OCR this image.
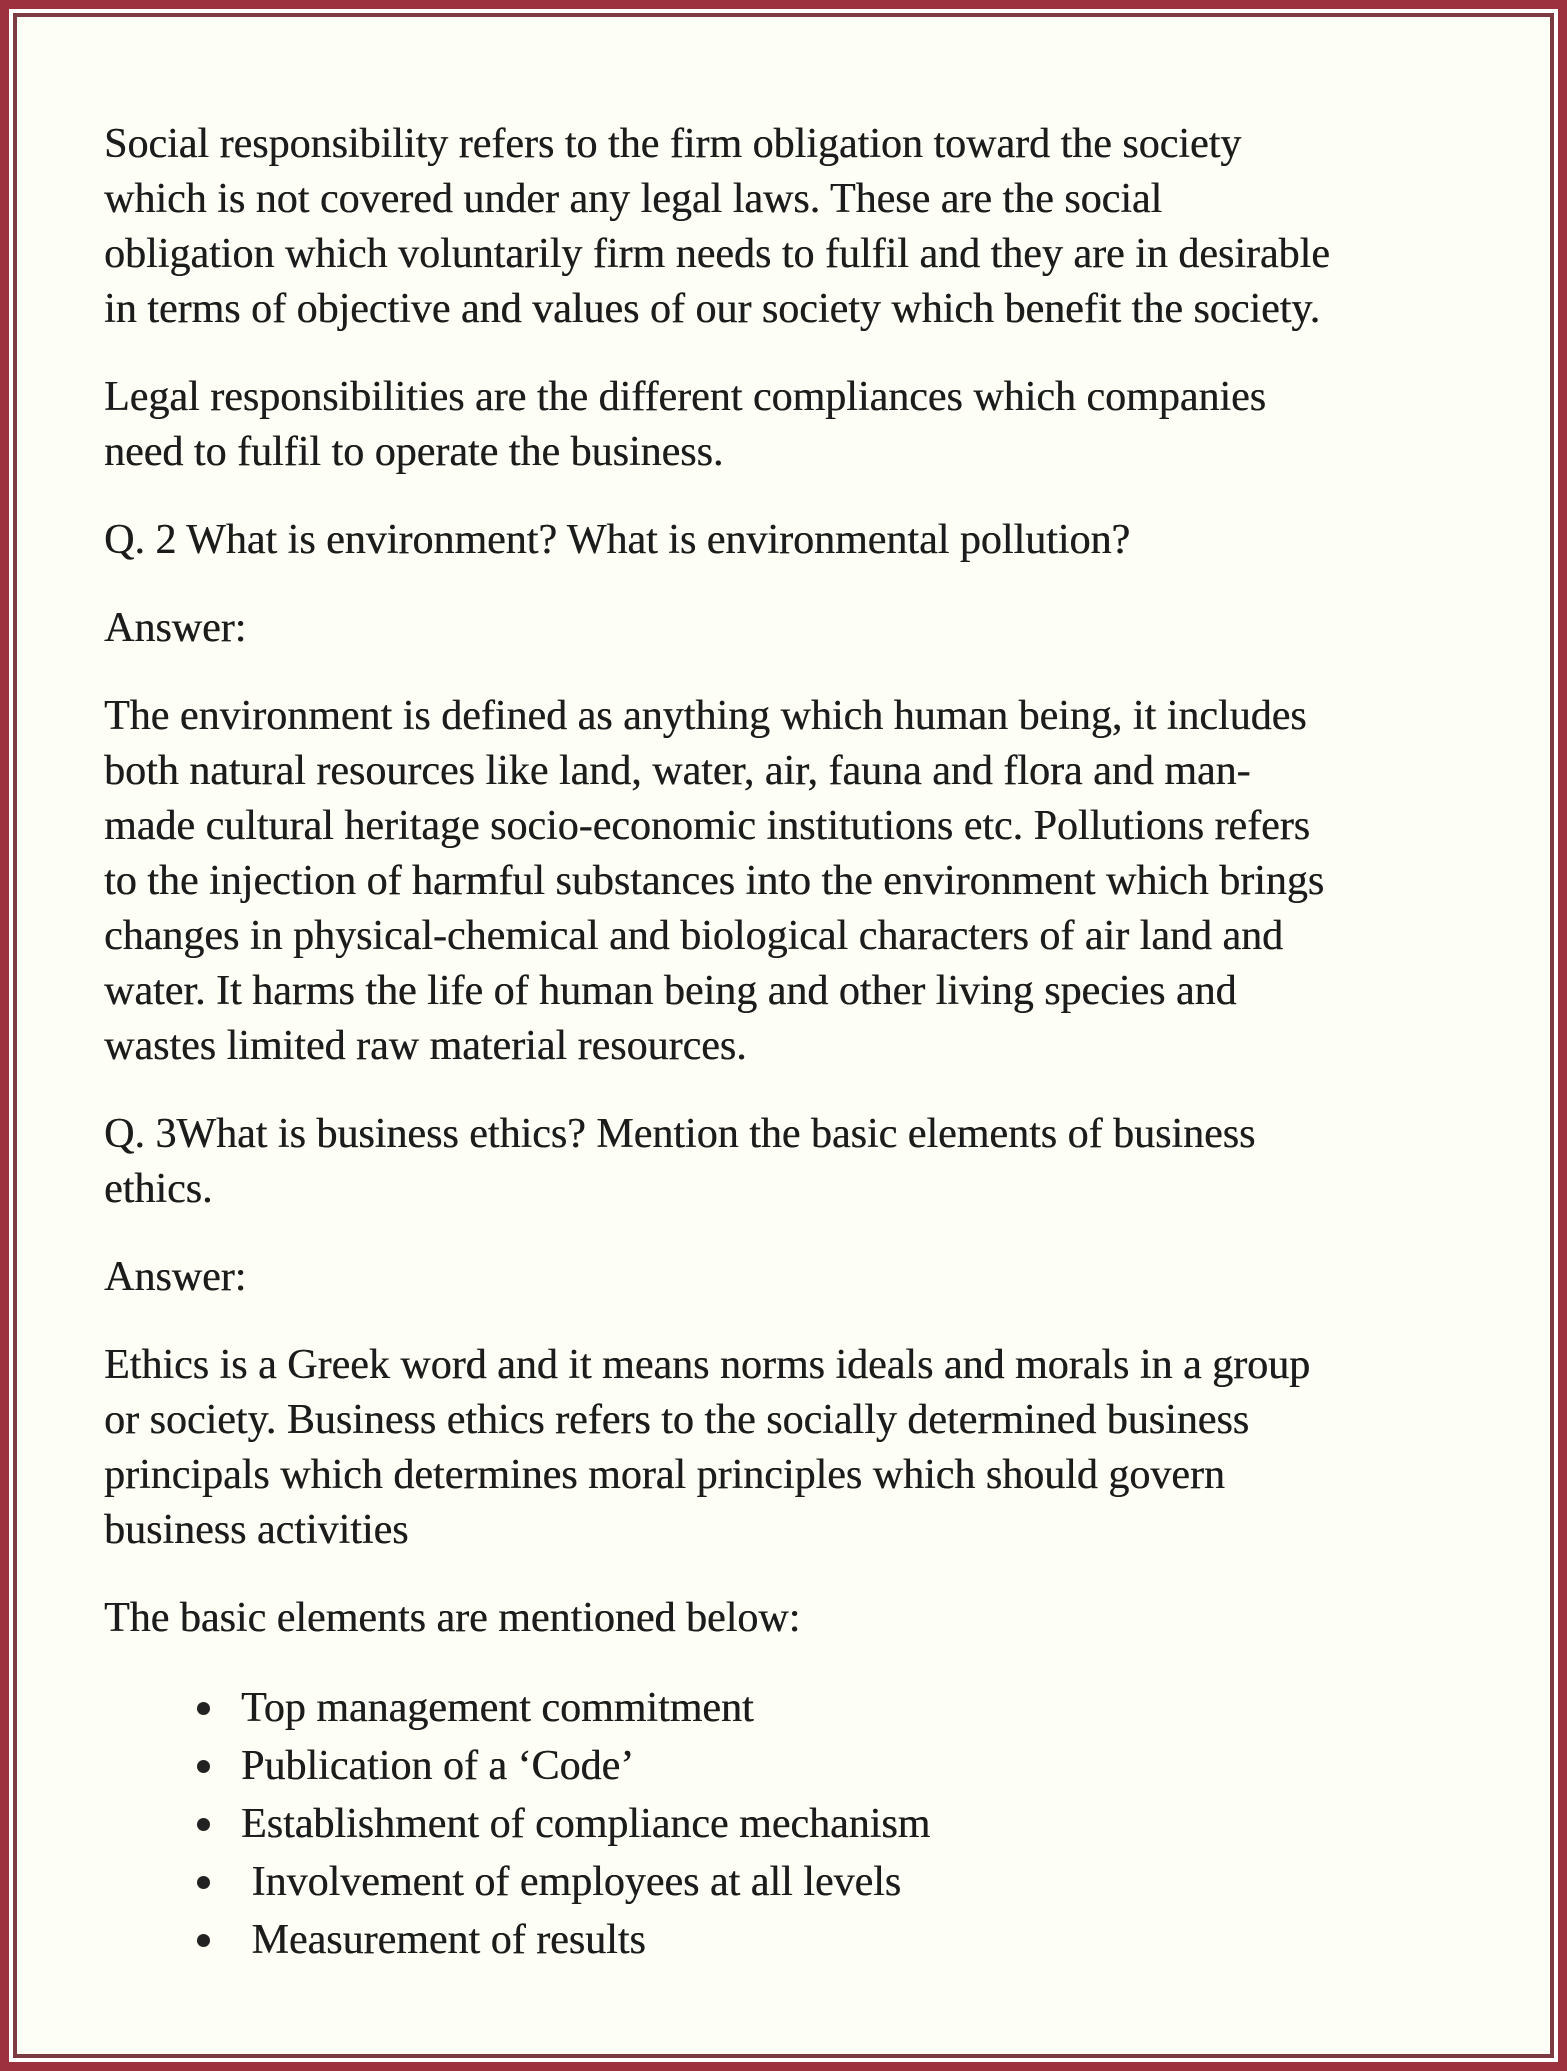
Social responsibility refers to the firm obligation toward the society
which is not covered under any legal laws. These are the social
obligation which voluntarily firm needs to fulfil and they are in desirable
in terms of objective and values of our society which benefit the society.
Legal responsibilities are the different compliances which companies
need to fulfil to operate the business.
Q. 2 What is environment? What is environmental pollution?
Answer:
The environment is defined as anything which human being, it includes
both natural resources like land, water, air, fauna and flora and man-
made cultural heritage socio-economic institutions etc. Pollutions refers
to the injection of harmful substances into the environment which brings
changes in physical-chemical and biological characters of air land and
water. It harms the life of human being and other living species and
wastes limited raw material resources.
Q. 3What is business ethics? Mention the basic elements of business
ethics.
Answer:
Ethics is a Greek word and it means norms ideals and morals in a group
or society. Business ethics refers to the socially determined business
principals which determines moral principles which should govern
business activities
The basic elements are mentioned below:
Top management commitment
Publication of a ‘Code’
Establishment of compliance mechanism
Involvement of employees at all levels
Measurement of results
